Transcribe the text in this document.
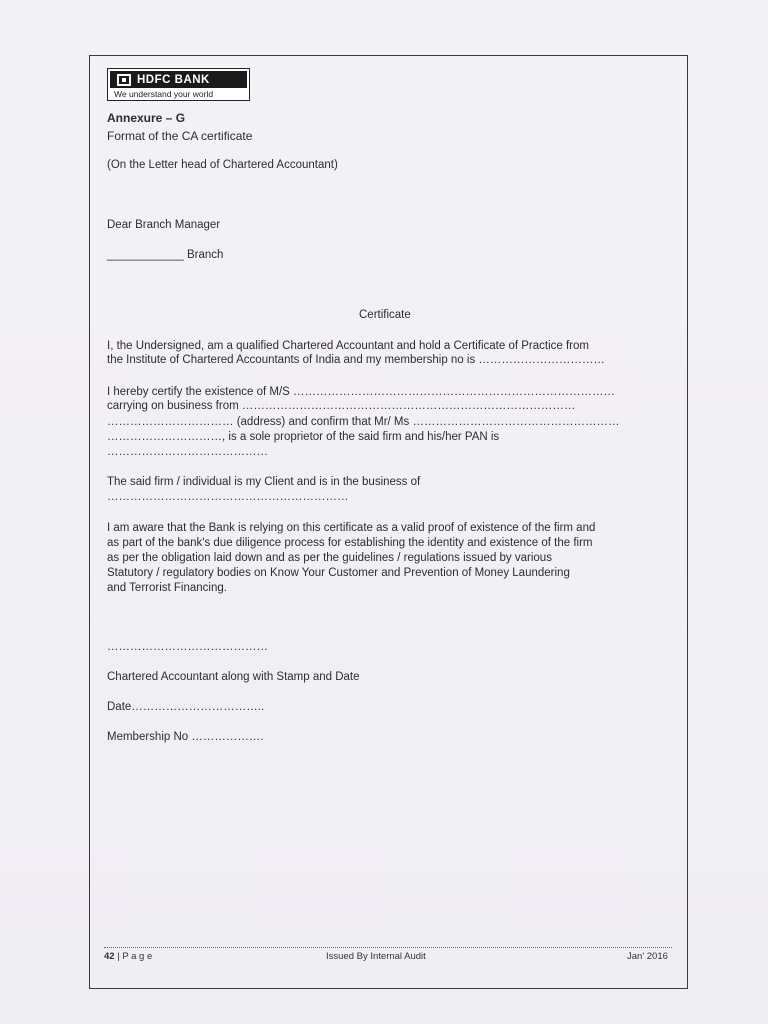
HDFC BANK
We understand your world
Annexure – G
Format of the CA certificate
(On the Letter head of Chartered Accountant)
Dear Branch Manager
____________ Branch
Certificate
I, the Undersigned, am a qualified Chartered Accountant and hold a Certificate of Practice from
the Institute of Chartered Accountants of India and my membership no is ……………………………
I hereby certify the existence of M/S …………………………………………………………………………
carrying on business from ……………………………………………………………………………
…………………………… (address) and confirm that Mr/ Ms ………………………………………………
…………………………, is a sole proprietor of the said firm and his/her PAN is
……………………………………
The said firm / individual is my Client and is in the business of
………………………………………………………
I am aware that the Bank is relying on this certificate as a valid proof of existence of the firm and
as part of the bank's due diligence process for establishing the identity and existence of the firm
as per the obligation laid down and as per the guidelines / regulations issued by various
Statutory / regulatory bodies on Know Your Customer and Prevention of Money Laundering
and Terrorist Financing.
……………………………………
Chartered Accountant along with Stamp and Date
Date……………………………..
Membership No ……………….
42 | P a g e	Issued By Internal Audit	Jan' 2016
